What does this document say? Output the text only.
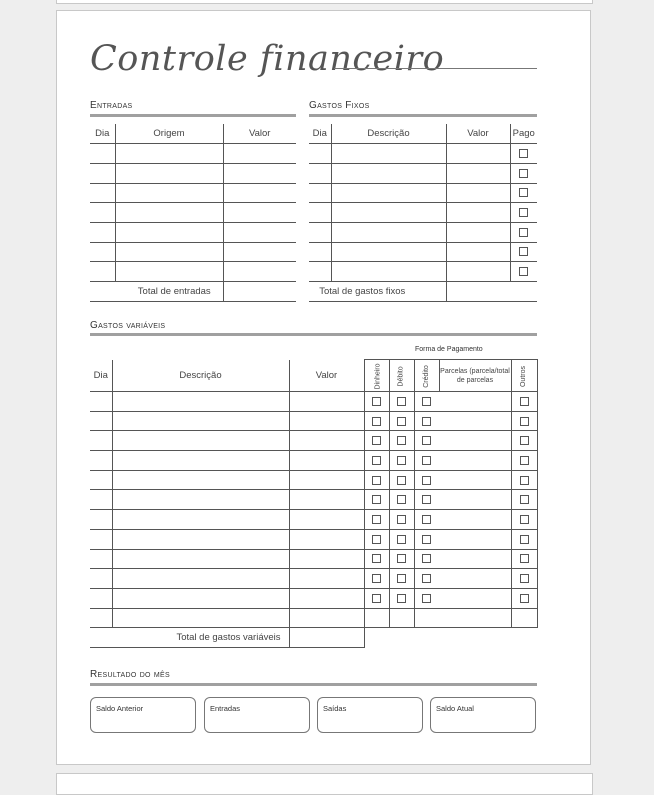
Controle financeiro
Entradas
Dia	Origem	Valor

Total de entradas		
Gastos Fixos
Dia	Descrição	Valor	Pago

Total de gastos fixos			
Gastos variáveis
Forma de Pagamento
Dia	Descrição	Valor	Dinheiro	Débito	Crédito	Parcelas (parcela/total de parcelas	Outros

Total de gastos variáveis							
Resultado do mês
Saldo Anterior	Entradas	Saídas	Saldo Atual
